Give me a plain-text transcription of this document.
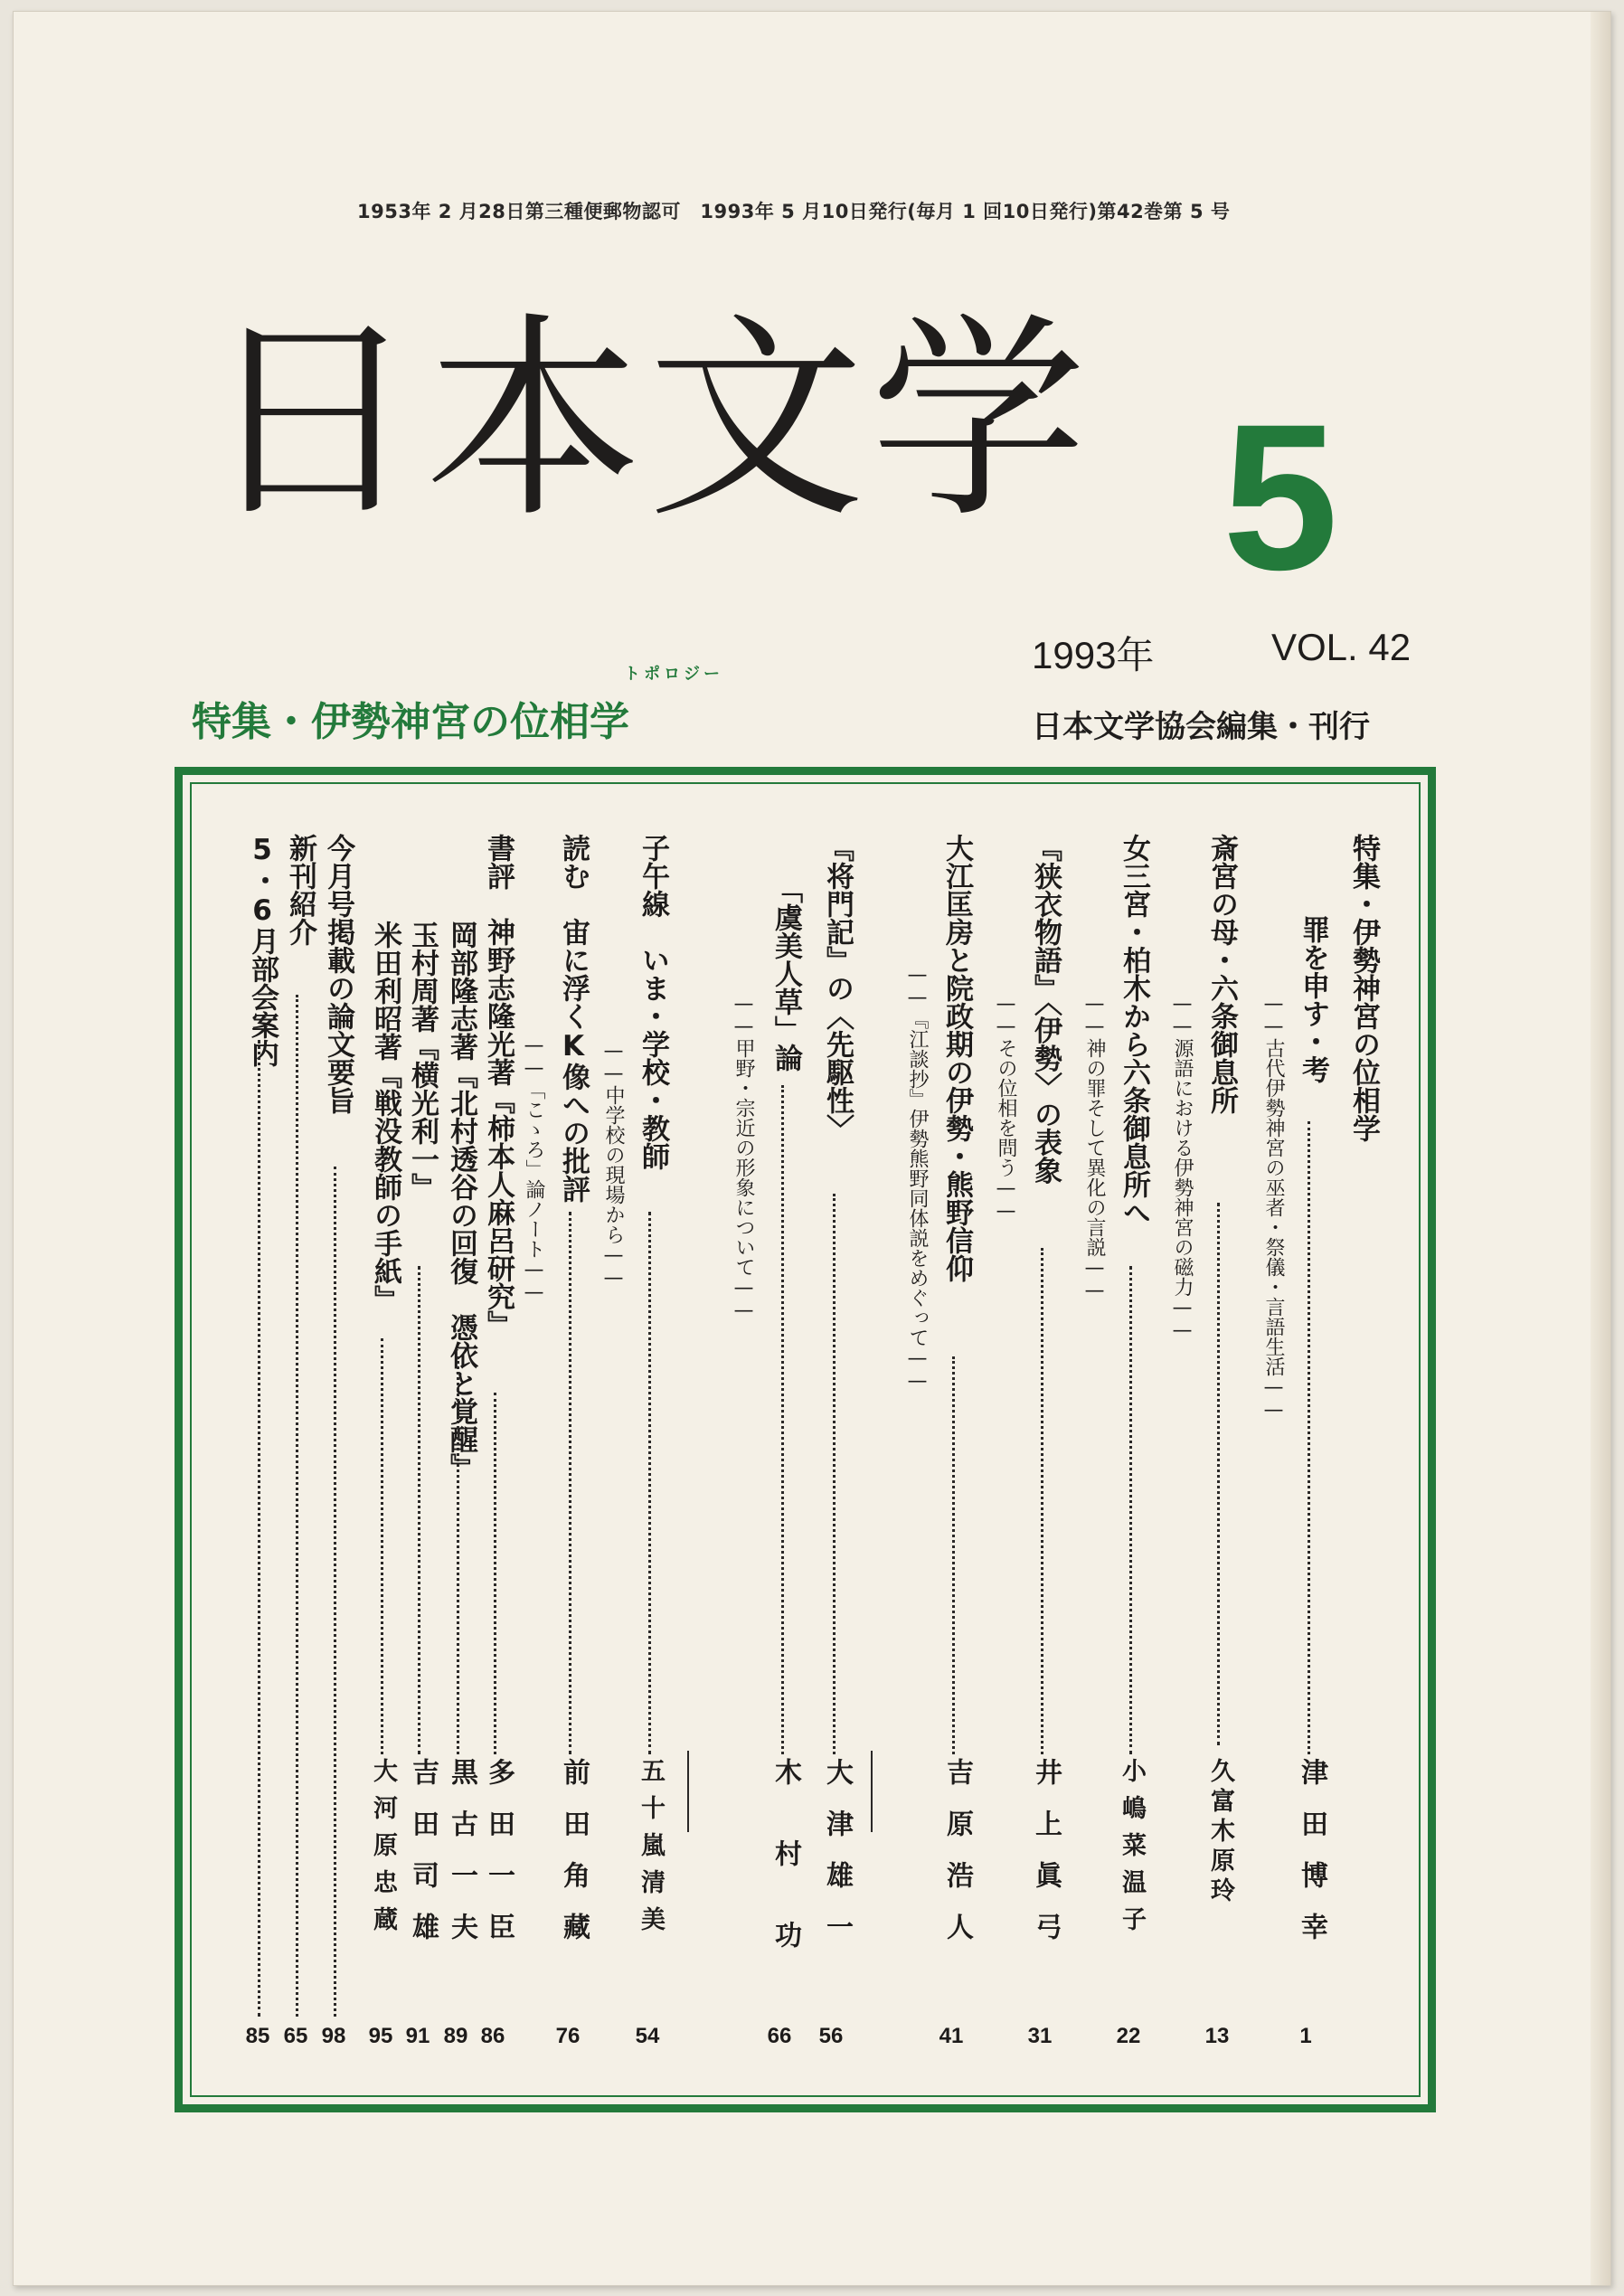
1953年 2 月28日第三種便郵物認可　1993年 5 月10日発行(毎月 1 回10日発行)第42巻第 5 号
日本文学 5
1993年	VOL. 42
日本文学協会編集・刊行
特集・伊勢神宮の位相学
トポロジー
特集・伊勢神宮の位相学
罪を申す・考
——古代伊勢神宮の巫者・祭儀・言語生活——
斎宮の母・六条御息所
——源語における伊勢神宮の磁力——
女三宮・柏木から六条御息所へ
——神の罪そして異化の言説——
『狭衣物語』〈伊勢〉の表象
——その位相を問う——
大江匡房と院政期の伊勢・熊野信仰
——『江談抄』伊勢熊野同体説をめぐって——
『将門記』の〈先駆性〉
「虞美人草」論
——甲野・宗近の形象について——
子午線　いま・学校・教師
——中学校の現場から——
読む　宙に浮くK像への批評
——「こゝろ」論ノート——
書評　神野志隆光著『柿本人麻呂研究』
岡部隆志著『北村透谷の回復　憑依と覚醒』
玉村周著『横光利一』
米田利昭著『戦没教師の手紙』
今月号掲載の論文要旨
新刊紹介
5・6月部会案内
津田博幸
久富木原玲
小嶋菜温子
井上眞弓
吉原浩人
大津雄一
木村功
五十嵐清美
前田角藏
多田一臣
黒古一夫
吉田司雄
大河原忠蔵
1
13
22
31
41
56
66
54
76
86
89
91
95
98
65
85
